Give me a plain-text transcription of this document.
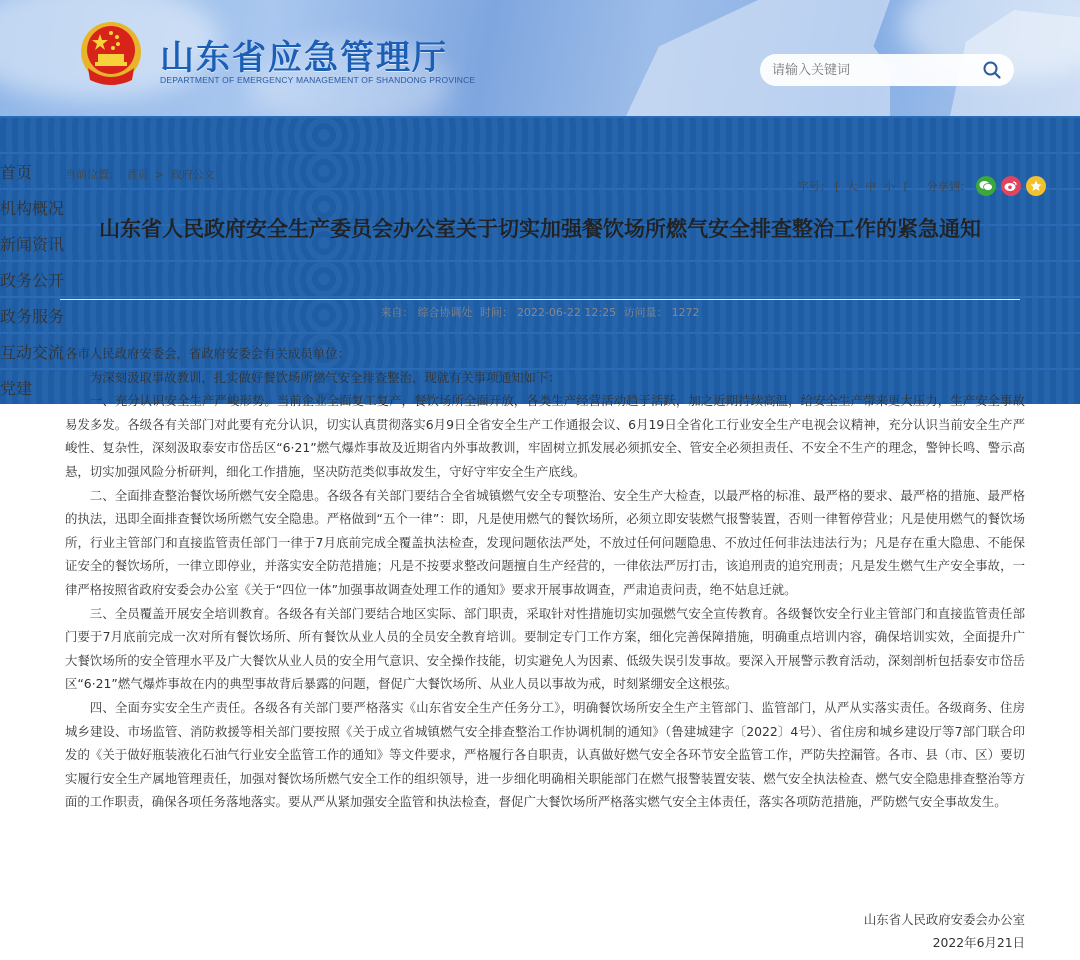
山东省应急管理厅
DEPARTMENT OF EMERGENCY MANAGEMENT OF SHANDONG PROVINCE
请输入关键词
首页
机构概况
新闻资讯
政务公开
政务服务
互动交流
党建
当前位置： 首页 > 政府公文
字号： [ 大 中 小 ] 分享到：
山东省人民政府安全生产委员会办公室关于切实加强餐饮场所燃气安全排查整治工作的紧急通知
来自： 综合协调处 时间： 2022-06-22 12:25 访问量： 1272

各市人民政府安委会，省政府安委会有关成员单位：

为深刻汲取事故教训，扎实做好餐饮场所燃气安全排查整治，现就有关事项通知如下：

一、充分认识安全生产严峻形势。当前企业全面复工复产，餐饮场所全面开放，各类生产经营活动趋于活跃，加之近期持续高温，给安全生产带来更大压力，生产安全事故易发多发。各级各有关部门对此要有充分认识，切实认真贯彻落实6月9日全省安全生产工作通报会议、6月19日全省化工行业安全生产电视会议精神，充分认识当前安全生产严峻性、复杂性，深刻汲取泰安市岱岳区“6·21”燃气爆炸事故及近期省内外事故教训，牢固树立抓发展必须抓安全、管安全必须担责任、不安全不生产的理念，警钟长鸣、警示高悬，切实加强风险分析研判，细化工作措施，坚决防范类似事故发生，守好守牢安全生产底线。

二、全面排查整治餐饮场所燃气安全隐患。各级各有关部门要结合全省城镇燃气安全专项整治、安全生产大检查，以最严格的标准、最严格的要求、最严格的措施、最严格的执法，迅即全面排查餐饮场所燃气安全隐患。严格做到“五个一律”：即，凡是使用燃气的餐饮场所，必须立即安装燃气报警装置，否则一律暂停营业；凡是使用燃气的餐饮场所，行业主管部门和直接监管责任部门一律于7月底前完成全覆盖执法检查，发现问题依法严处，不放过任何问题隐患、不放过任何非法违法行为；凡是存在重大隐患、不能保证安全的餐饮场所，一律立即停业，并落实安全防范措施；凡是不按要求整改问题擅自生产经营的，一律依法严厉打击，该追刑责的追究刑责；凡是发生燃气生产安全事故，一律严格按照省政府安委会办公室《关于“四位一体”加强事故调查处理工作的通知》要求开展事故调查，严肃追责问责，绝不姑息迁就。

三、全员覆盖开展安全培训教育。各级各有关部门要结合地区实际、部门职责，采取针对性措施切实加强燃气安全宣传教育。各级餐饮安全行业主管部门和直接监管责任部门要于7月底前完成一次对所有餐饮场所、所有餐饮从业人员的全员安全教育培训。要制定专门工作方案，细化完善保障措施，明确重点培训内容，确保培训实效，全面提升广大餐饮场所的安全管理水平及广大餐饮从业人员的安全用气意识、安全操作技能，切实避免人为因素、低级失误引发事故。要深入开展警示教育活动，深刻剖析包括泰安市岱岳区“6·21”燃气爆炸事故在内的典型事故背后暴露的问题，督促广大餐饮场所、从业人员以事故为戒，时刻紧绷安全这根弦。

四、全面夯实安全生产责任。各级各有关部门要严格落实《山东省安全生产任务分工》，明确餐饮场所安全生产主管部门、监管部门，从严从实落实责任。各级商务、住房城乡建设、市场监管、消防救援等相关部门要按照《关于成立省城镇燃气安全排查整治工作协调机制的通知》（鲁建城建字〔2022〕4号）、省住房和城乡建设厅等7部门联合印发的《关于做好瓶装液化石油气行业安全监管工作的通知》等文件要求，严格履行各自职责，认真做好燃气安全各环节安全监管工作，严防失控漏管。各市、县（市、区）要切实履行安全生产属地管理责任，加强对餐饮场所燃气安全工作的组织领导，进一步细化明确相关职能部门在燃气报警装置安装、燃气安全执法检查、燃气安全隐患排查整治等方面的工作职责，确保各项任务落地落实。要从严从紧加强安全监管和执法检查，督促广大餐饮场所严格落实燃气安全主体责任，落实各项防范措施，严防燃气安全事故发生。

山东省人民政府安委会办公室
2022年6月21日
